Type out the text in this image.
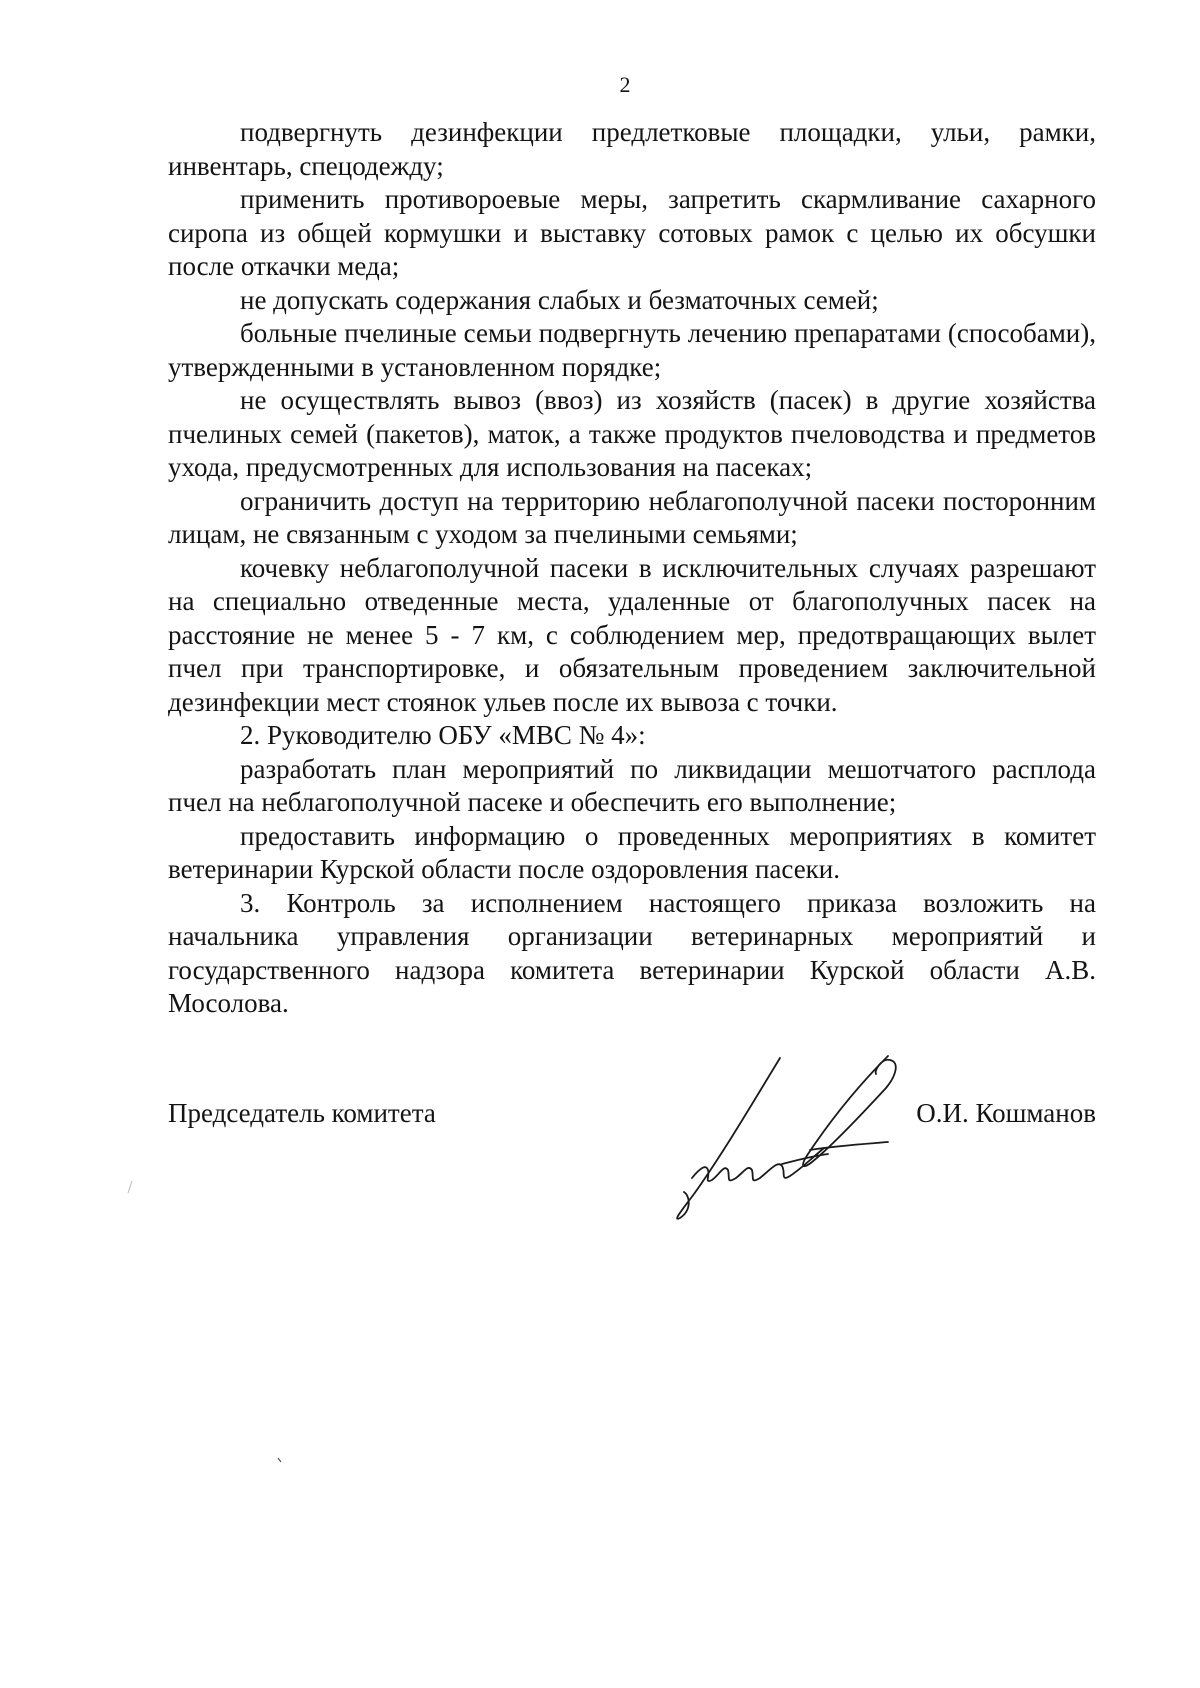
2

подвергнуть дезинфекции предлетковые площадки, ульи, рамки, инвентарь, спецодежду;

применить противороевые меры, запретить скармливание сахарного сиропа из общей кормушки и выставку сотовых рамок с целью их обсушки после откачки меда;

не допускать содержания слабых и безматочных семей;

больные пчелиные семьи подвергнуть лечению препаратами (способами), утвержденными в установленном порядке;

не осуществлять вывоз (ввоз) из хозяйств (пасек) в другие хозяйства пчелиных семей (пакетов), маток, а также продуктов пчеловодства и предметов ухода, предусмотренных для использования на пасеках;

ограничить доступ на территорию неблагополучной пасеки посторонним лицам, не связанным с уходом за пчелиными семьями;

кочевку неблагополучной пасеки в исключительных случаях разрешают на специально отведенные места, удаленные от благополучных пасек на расстояние не менее 5 - 7 км, с соблюдением мер, предотвращающих вылет пчел при транспортировке, и обязательным проведением заключительной дезинфекции мест стоянок ульев после их вывоза с точки.

2. Руководителю ОБУ «МВС № 4»:

разработать план мероприятий по ликвидации мешотчатого расплода пчел на неблагополучной пасеке и обеспечить его выполнение;

предоставить информацию о проведенных мероприятиях в комитет ветеринарии Курской области после оздоровления пасеки.

3. Контроль за исполнением настоящего приказа возложить на начальника управления организации ветеринарных мероприятий и государственного надзора комитета ветеринарии Курской области А.В. Мосолова.

Председатель комитета	О.И. Кошманов
